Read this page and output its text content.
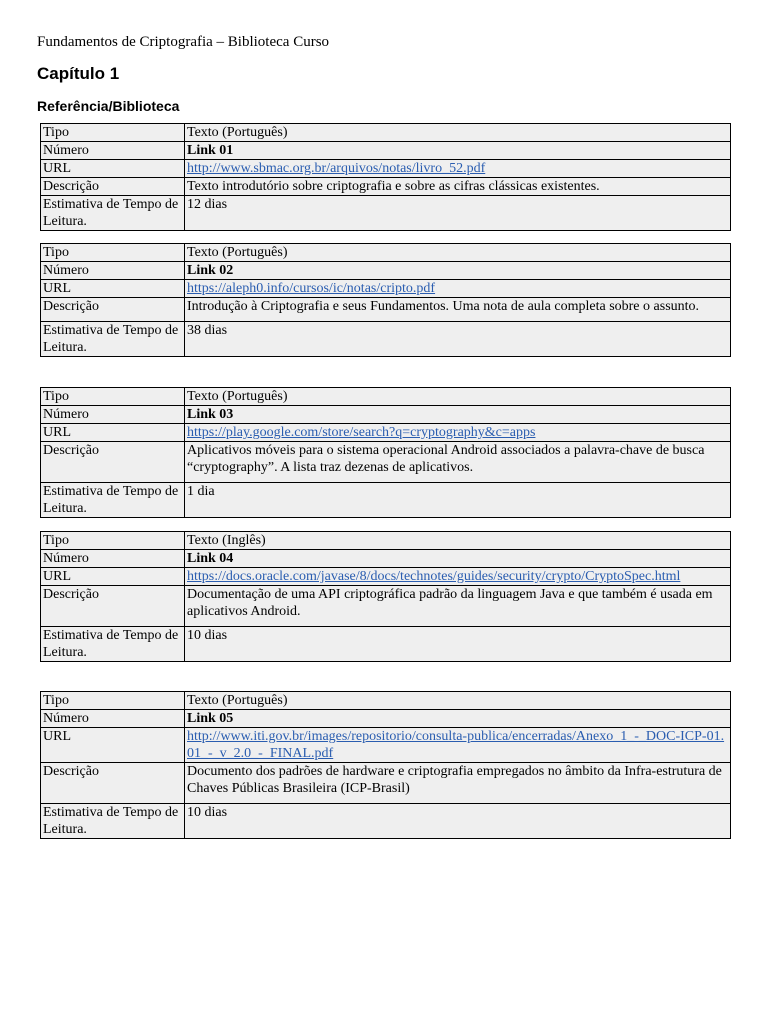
Fundamentos de Criptografia – Biblioteca Curso
Capítulo 1
Referência/Biblioteca
Tipo	Texto (Português)
Número	Link 01
URL	http://www.sbmac.org.br/arquivos/notas/livro_52.pdf
Descrição	Texto introdutório sobre criptografia e sobre as cifras clássicas existentes.
Estimativa de Tempo de Leitura.	12 dias
Tipo	Texto (Português)
Número	Link 02
URL	https://aleph0.info/cursos/ic/notas/cripto.pdf
Descrição	Introdução à Criptografia e seus Fundamentos. Uma nota de aula completa sobre o assunto.
Estimativa de Tempo de Leitura.	38 dias
Tipo	Texto (Português)
Número	Link 03
URL	https://play.google.com/store/search?q=cryptography&c=apps
Descrição	Aplicativos móveis para o sistema operacional Android associados a palavra-chave de busca “cryptography”. A lista traz dezenas de aplicativos.
Estimativa de Tempo de Leitura.	1 dia
Tipo	Texto (Inglês)
Número	Link 04
URL	https://docs.oracle.com/javase/8/docs/technotes/guides/security/crypto/CryptoSpec.html
Descrição	Documentação de uma API criptográfica padrão da linguagem Java e que também é usada em aplicativos Android.
Estimativa de Tempo de Leitura.	10 dias
Tipo	Texto (Português)
Número	Link 05
URL	http://www.iti.gov.br/images/repositorio/consulta-publica/encerradas/Anexo_1_-_DOC-ICP-01.01_-_v_2.0_-_FINAL.pdf
Descrição	Documento dos padrões de hardware e criptografia empregados no âmbito da Infra-estrutura de Chaves Públicas Brasileira (ICP-Brasil)
Estimativa de Tempo de Leitura.	10 dias
